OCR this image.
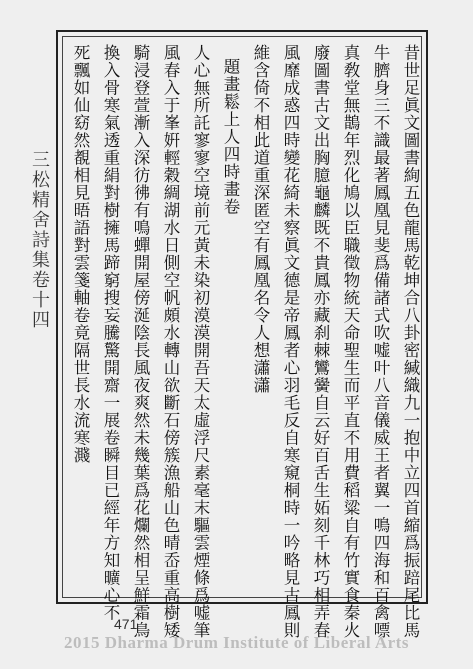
三松精舍詩集卷十四	昔世足眞文圖書絢五色龍馬乾坤合八卦密緘織九一抱中立四首縮爲振踣尾比馬
牛臍身三不識最著鳳凰見斐爲備諸式吹嘘叶八音儀威王者翼一鳴四海和百禽嘌
真敎堂無鵲年烈化鳩以臣職徵物統天命聖生而平直不用費稻粱自有竹實食秦火
廢圖書古文出胸臆龜麟既不貴鳳亦藏刹棘鸞黌自云好百舌生妬刻千林巧相弄春
風靡成惑四時變花綺未察眞文德是帝鳳者心羽毛反自寒窺桐時一吟略見古鳳則
維含倚不相此道重深匿空有鳳凰名令人想瀟瀟
題畫鬆上人四時畫卷
人心無所託寥寥空境前元黃未染初漠漠開吾天太虛浮尺素毫末驅雲煙條爲嘘筆
風春入于峯姸輕穀綢湖水日側空帆頗水轉山欲斷石傍簇漁船山色晴岙重高樹矮
騎浸登萱漸入深彷彿有鳴蟬開屋傍涎陰長風夜爽然未幾葉爲花爛然相呈鮮霜鳥
換入骨寒氣透重絹對樹擁馬蹄窮搜妄騰驚開齋一展卷瞬目已經年方知曠心不
死飄如仙窈然覩相見晤語對雲箋軸卷竟隔世長水流寒濺
471
2015 Dharma Drum Institute of Liberal Arts
